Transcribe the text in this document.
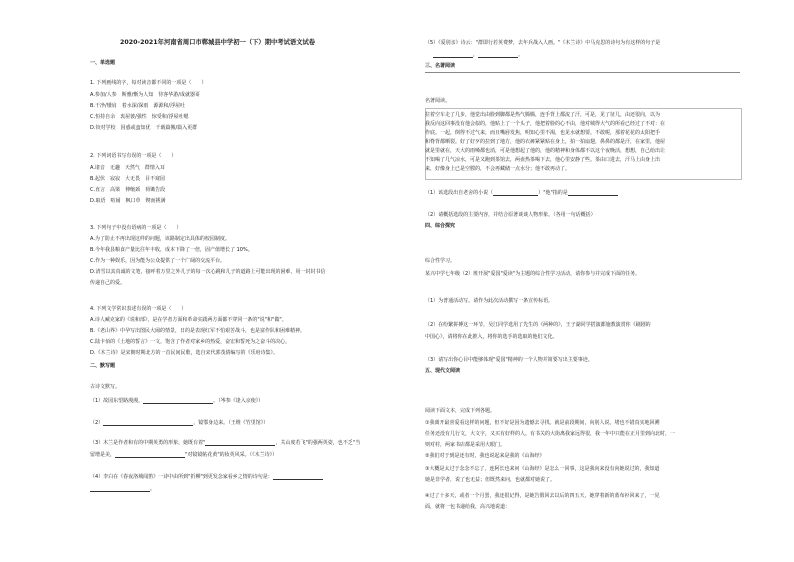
2020-2021年河南省周口市郸城县中学初一（下）期中考试语文试卷
一、单选题
1. 下列画线的字，每对读音都不同的一项是（　　）
A.参加/人参　斯雅/惭为人知　待客华游/成就器哥
B.干净/矮肩　着水深/深雨　源源和/浮屋吐　
C.恒持自余　衷屋彼/强性　惊受和/浮屋吐嗯　
D.铰对学校　因惑或蛮知优　千载篇搬/篇入更群
2. 下列词语书写有误的一项是（　　）
A.诸音　无趣　天然气　群情入耳
B.起伏　寂寂　大无畏　目不窥园
C.直言　高梁　伸缩颈　荷锄告段
D.取语　喧闹　枫口草　锲而挑满
3. 下列句子中没有语病的一项是（　　）
A.为了防止不再出现这样的问题，该路制定出具体的校园制度。
B.今年我县粮食产量比往年丰收，成本下降了一倍，固产值增长了 10%。
C.作为一种娱乐，因为能为公众提供了一个广阔的交流平台。
D.清雪以其真诚的文笔，接呼着万里之外儿子的每一次心跳和儿子的道路上可能出现的困难，用一封封书信
传递自己的爱。
4. 下列文学常识表述有误的一项是（　　）
A.诗人臧克家的《说和部》，是在学者方面和革命实践两方面都不穿同一条的"说"和"做"。
B.《老山界》中孕写出图民大闹的情景，日的是表现红军不怕艰苦战斗，也是富作队和困难精神。
C.陆卡佰的《土地的誓言》一文，饱含了作者对家乡的热爱，奋宏和誓死为之奋斗的决心。
D.《木兰诗》是宋朝时期北方的一首民间民歌，选自宋代郭茂倩编写的《乐府诗集》。
二、默写题
古诗文默写。
（1）故园东望路漫漫，	。（岑参《逢入京使》）
（2）	，镜鄂身边来。（王维《竹里馆》）
（3）木兰是作者和有的中期英勇的形象，她既有着"	，关山度若飞"的强两英姿，也不乏"当
留增是美，	"对镜镜帖花黄"的妆英风采。（《木兰诗》）
（4）李白在《春夜洛城闻笛》一诗中由所到"折柳"到更发念家看乡之情的诗句是：
。
（5）《爱别亲》诗云："群即行若英费梦，去年兵战入人画。"《木兰诗》中马克思的诗句为有这样的句子是
，	。
三、名著阅读
名著阅读。
拉着空车走了几步，他觉出由脸到脚都是热气腾腾，连手背上都流了汗，可是，见了征儿，由还很向，以为
我反向这回事没有他会似的，他贴上了一个头子，他把着脸的心不由，他对城得大气的所看已经过了不对：在
作底。一起，倒得不过气来，而且嘴唇发焦，明知心里不渴，也见水就想要。不敢呢，那着花花的太阳把手
和脊背都晒裂。好了好歹的拉到了地方，他的衣裤紧紧贴在身上，拍一拍扇翅，鼻鼻的都是汗，在家里，他屋
就是里就在，天大的雨嗓都也消，可是他想起了他的，他的精神和身体都不以这个夜晚活，想想，自己给出让
不知喝了几气凉水，可是又跑到茶馆去，两壶热茶喝下去，他心里安静了些。茶由口进去，汗马上由身上出
来，好像身上已是空膛的，不会再藏储一点水分；他不敢再动了。
（1）该选段出自老舍的小说（	）"他"指的是
（2）请概括选段的主要内容，并结合原著谈谈人物形象。（各用一句话概括）
四、综合探究
综合性学习。
某兴中学七年级（2）班开展"爱国"爱读"为主题的综合性学习活动，请你参与并完成下面的任务。
（1）为普通活动写。请作为此次活动撰写一条宣传标语。
（2）在纷繁拼搏这一环节，吴江同学选用了先生的《两种的》，王子湖同学搭演都施教演赏你《刷剧的
中国心》，请将你在此推入，将你的选手的选取的他们文化。
（3）请写出你心目中能够体现"爱国"精神的一个人物并简要写出主要事迹。
五、现代文阅读
阅读下面文本，完成下列各题。
①我离开最喜爱看这样的问题，但不好是因为遗憾去寻找。就是前段期间，向别人说，堵也不错真实地回溯
任务还没有几行文，大文字，又买有好样的人。有书关的大街离我家远得很，我一年中只能在正月里到向北时，一
则对村，两家书店都是采用大眼门。
②我们对于到是还有时，我也说起来是我的《山海经》
③大概是太过于念念不忘了，连阿长也来问《山海经》是怎么一回事，这是我向来没有向她说过的，我知道
她是非学者，说了也无益；但既然来问，也就都对她说了。
④过了十多天，或者一个月罢，我还很记得，是她告假回去以后的四五天，她穿着新的蓝布衫回来了，一见
面，就将一包书递给我，高兴地说道：
